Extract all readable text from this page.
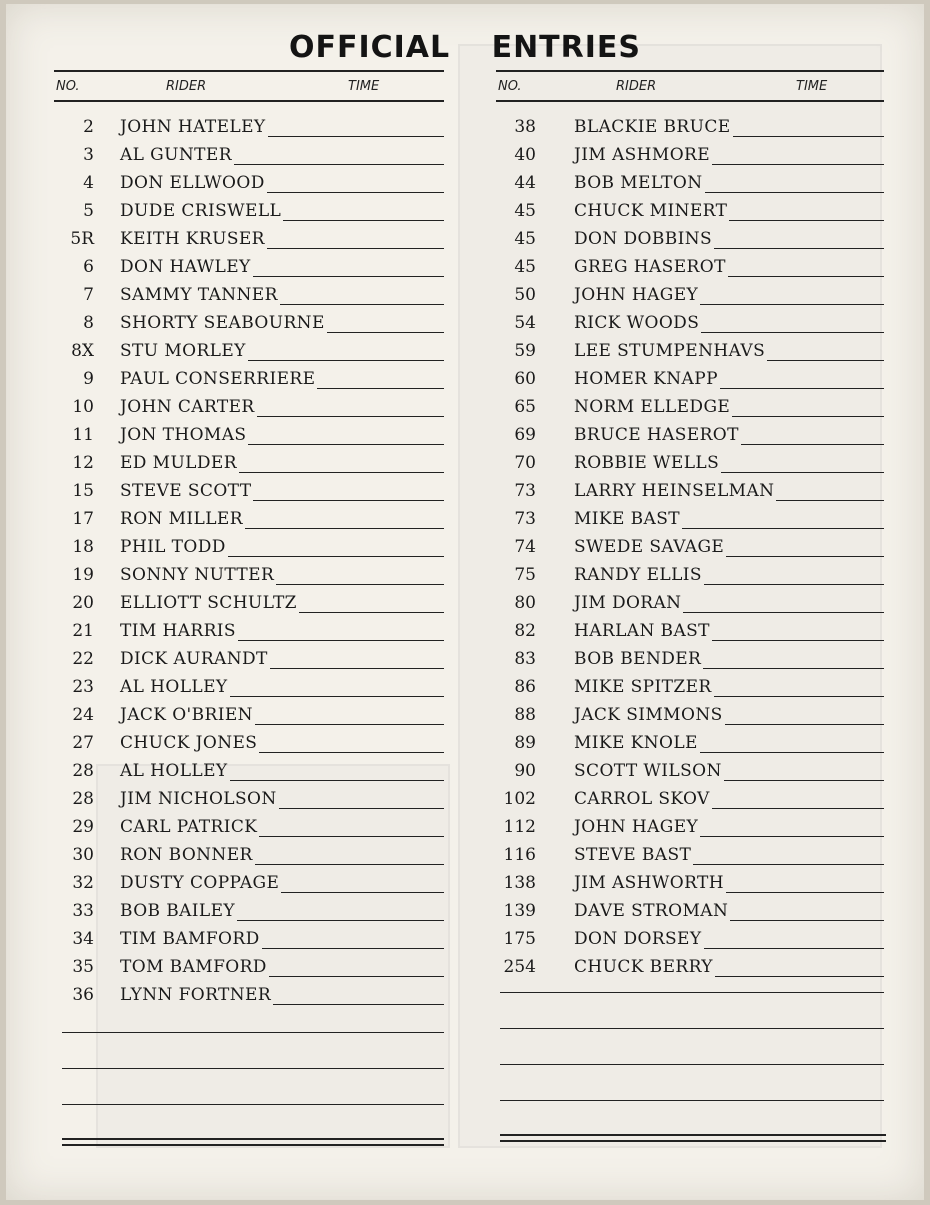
OFFICIAL ENTRIES
NO.	RIDER	TIME
2 JOHN HATELEY
3 AL GUNTER
4 DON ELLWOOD
5 DUDE CRISWELL
5R KEITH KRUSER
6 DON HAWLEY
7 SAMMY TANNER
8 SHORTY SEABOURNE
8X STU MORLEY
9 PAUL CONSERRIERE
10 JOHN CARTER
11 JON THOMAS
12 ED MULDER
15 STEVE SCOTT
17 RON MILLER
18 PHIL TODD
19 SONNY NUTTER
20 ELLIOTT SCHULTZ
21 TIM HARRIS
22 DICK AURANDT
23 AL HOLLEY
24 JACK O'BRIEN
27 CHUCK JONES
28 AL HOLLEY
28 JIM NICHOLSON
29 CARL PATRICK
30 RON BONNER
32 DUSTY COPPAGE
33 BOB BAILEY
34 TIM BAMFORD
35 TOM BAMFORD
36 LYNN FORTNER
NO.	RIDER	TIME
38 BLACKIE BRUCE
40 JIM ASHMORE
44 BOB MELTON
45 CHUCK MINERT
45 DON DOBBINS
45 GREG HASEROT
50 JOHN HAGEY
54 RICK WOODS
59 LEE STUMPENHAVS
60 HOMER KNAPP
65 NORM ELLEDGE
69 BRUCE HASEROT
70 ROBBIE WELLS
73 LARRY HEINSELMAN
73 MIKE BAST
74 SWEDE SAVAGE
75 RANDY ELLIS
80 JIM DORAN
82 HARLAN BAST
83 BOB BENDER
86 MIKE SPITZER
88 JACK SIMMONS
89 MIKE KNOLE
90 SCOTT WILSON
102 CARROL SKOV
112 JOHN HAGEY
116 STEVE BAST
138 JIM ASHWORTH
139 DAVE STROMAN
175 DON DORSEY
254 CHUCK BERRY
